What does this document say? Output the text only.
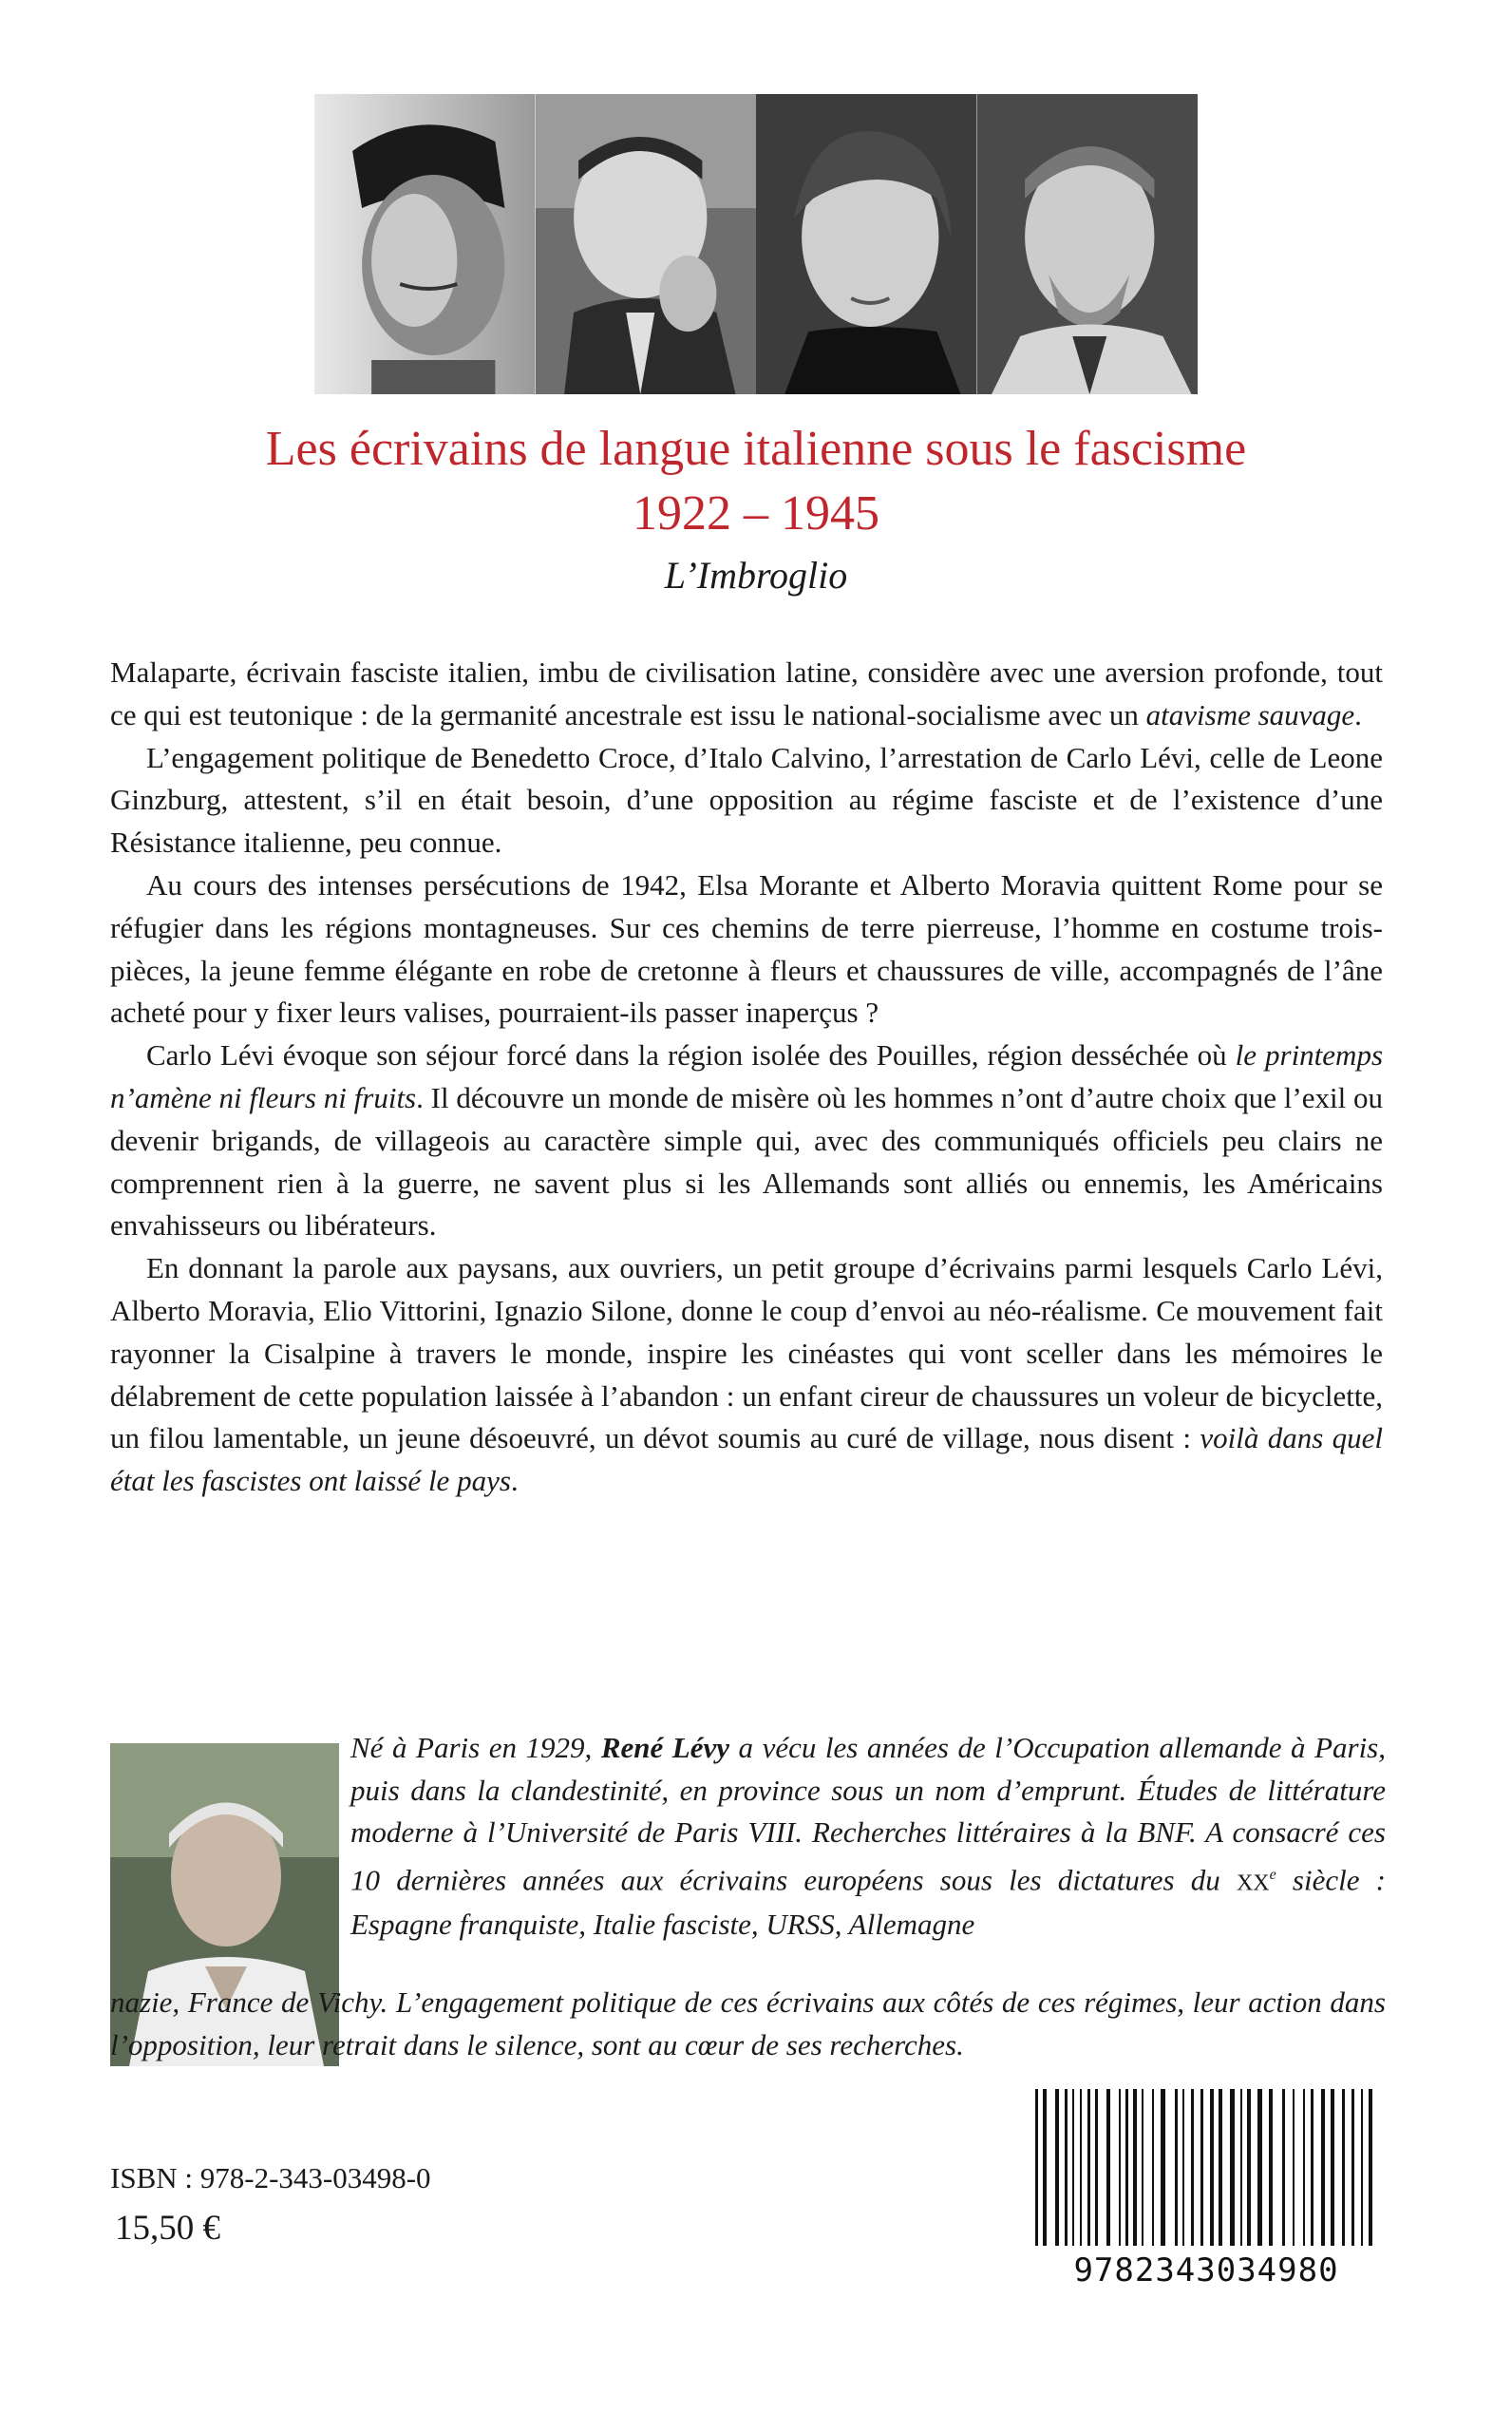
Les écrivains de langue italienne sous le fascisme
1922 – 1945
L’Imbroglio

Malaparte, écrivain fasciste italien, imbu de civilisation latine, considère avec une aversion profonde, tout ce qui est teutonique : de la germanité ancestrale est issu le national-socialisme avec un atavisme sauvage.

L’engagement politique de Benedetto Croce, d’Italo Calvino, l’arrestation de Carlo Lévi, celle de Leone Ginzburg, attestent, s’il en était besoin, d’une opposition au régime fasciste et de l’existence d’une Résistance italienne, peu connue.

Au cours des intenses persécutions de 1942, Elsa Morante et Alberto Moravia quittent Rome pour se réfugier dans les régions montagneuses. Sur ces chemins de terre pierreuse, l’homme en costume trois-pièces, la jeune femme élégante en robe de cretonne à fleurs et chaussures de ville, accompagnés de l’âne acheté pour y fixer leurs valises, pourraient-ils passer inaperçus ?

Carlo Lévi évoque son séjour forcé dans la région isolée des Pouilles, région desséchée où le printemps n’amène ni fleurs ni fruits. Il découvre un monde de misère où les hommes n’ont d’autre choix que l’exil ou devenir brigands, de villageois au caractère simple qui, avec des communiqués officiels peu clairs ne comprennent rien à la guerre, ne savent plus si les Allemands sont alliés ou ennemis, les Américains envahisseurs ou libérateurs.

En donnant la parole aux paysans, aux ouvriers, un petit groupe d’écrivains parmi lesquels Carlo Lévi, Alberto Moravia, Elio Vittorini, Ignazio Silone, donne le coup d’envoi au néo-réalisme. Ce mouvement fait rayonner la Cisalpine à travers le monde, inspire les cinéastes qui vont sceller dans les mémoires le délabrement de cette population laissée à l’abandon : un enfant cireur de chaussures un voleur de bicyclette, un filou lamentable, un jeune désoeuvré, un dévot soumis au curé de village, nous disent : voilà dans quel état les fascistes ont laissé le pays.

Né à Paris en 1929, René Lévy a vécu les années de l’Occupation allemande à Paris, puis dans la clandestinité, en province sous un nom d’emprunt. Études de littérature moderne à l’Université de Paris VIII. Recherches littéraires à la BNF. A consacré ces 10 dernières années aux écrivains européens sous les dictatures du XXe siècle : Espagne franquiste, Italie fasciste, URSS, Allemagne
nazie, France de Vichy. L’engagement politique de ces écrivains aux côtés de ces régimes, leur action dans l’opposition, leur retrait dans le silence, sont au cœur de ses recherches.
ISBN : 978-2-343-03498-0
15,50 €
9782343034980
